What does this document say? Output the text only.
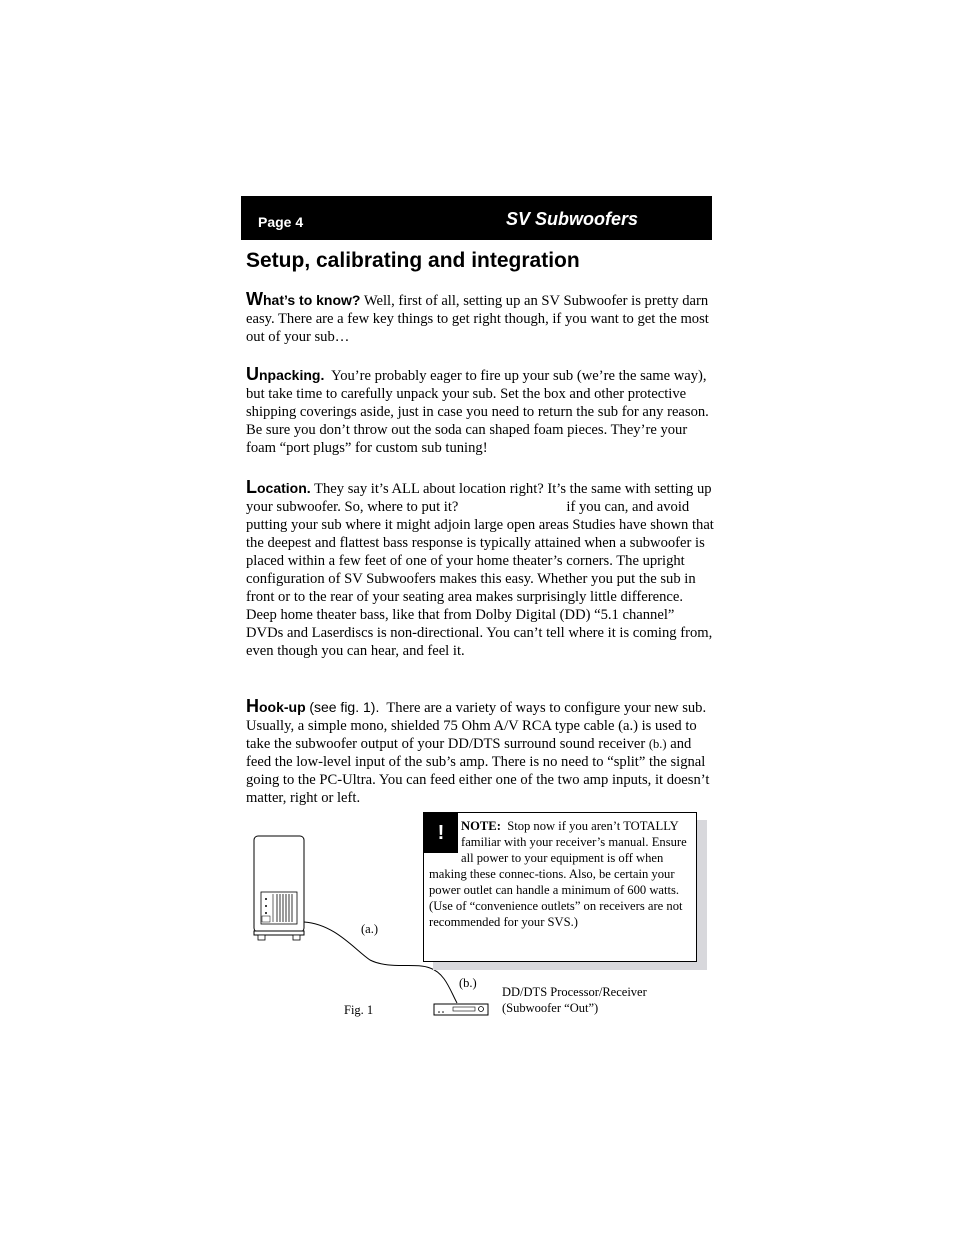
Page 4	SV Subwoofers
Setup, calibrating and integration
What’s to know? Well, first of all, setting up an SV Subwoofer is pretty darn easy. There are a few key things to get right though, if you want to get the most out of your sub…
Unpacking. You’re probably eager to fire up your sub (we’re the same way), but take time to carefully unpack your sub. Set the box and other protective shipping coverings aside, just in case you need to return the sub for any reason. Be sure you don’t throw out the soda can shaped foam pieces. They’re your foam “port plugs” for custom sub tuning!
Location. They say it’s ALL about location right? It’s the same with setting up your subwoofer. So, where to put it?	if you can, and avoid putting your sub where it might adjoin large open areas Studies have shown that the deepest and flattest bass response is typically attained when a subwoofer is placed within a few feet of one of your home theater’s corners. The upright configuration of SV Subwoofers makes this easy. Whether you put the sub in front or to the rear of your seating area makes surprisingly little difference. Deep home theater bass, like that from Dolby Digital (DD) “5.1 channel” DVDs and Laserdiscs is non-directional. You can’t tell where it is coming from, even though you can hear, and feel it.
Hook-up (see fig. 1). There are a variety of ways to configure your new sub. Usually, a simple mono, shielded 75 Ohm A/V RCA type cable (a.) is used to take the subwoofer output of your DD/DTS surround sound receiver (b.) and feed the low-level input of the sub’s amp. There is no need to “split” the signal going to the PC-Ultra. You can feed either one of the two amp inputs, it doesn’t matter, right or left.
!	NOTE: Stop now if you aren’t TOTALLY familiar with your receiver’s manual. Ensure all power to your equipment is off when making these connec-tions. Also, be certain your power outlet can handle a minimum of 600 watts. (Use of “convenience outlets” on receivers are not recommended for your SVS.)
(a.)
(b.)
DD/DTS Processor/Receiver
(Subwoofer “Out”)
Fig. 1
